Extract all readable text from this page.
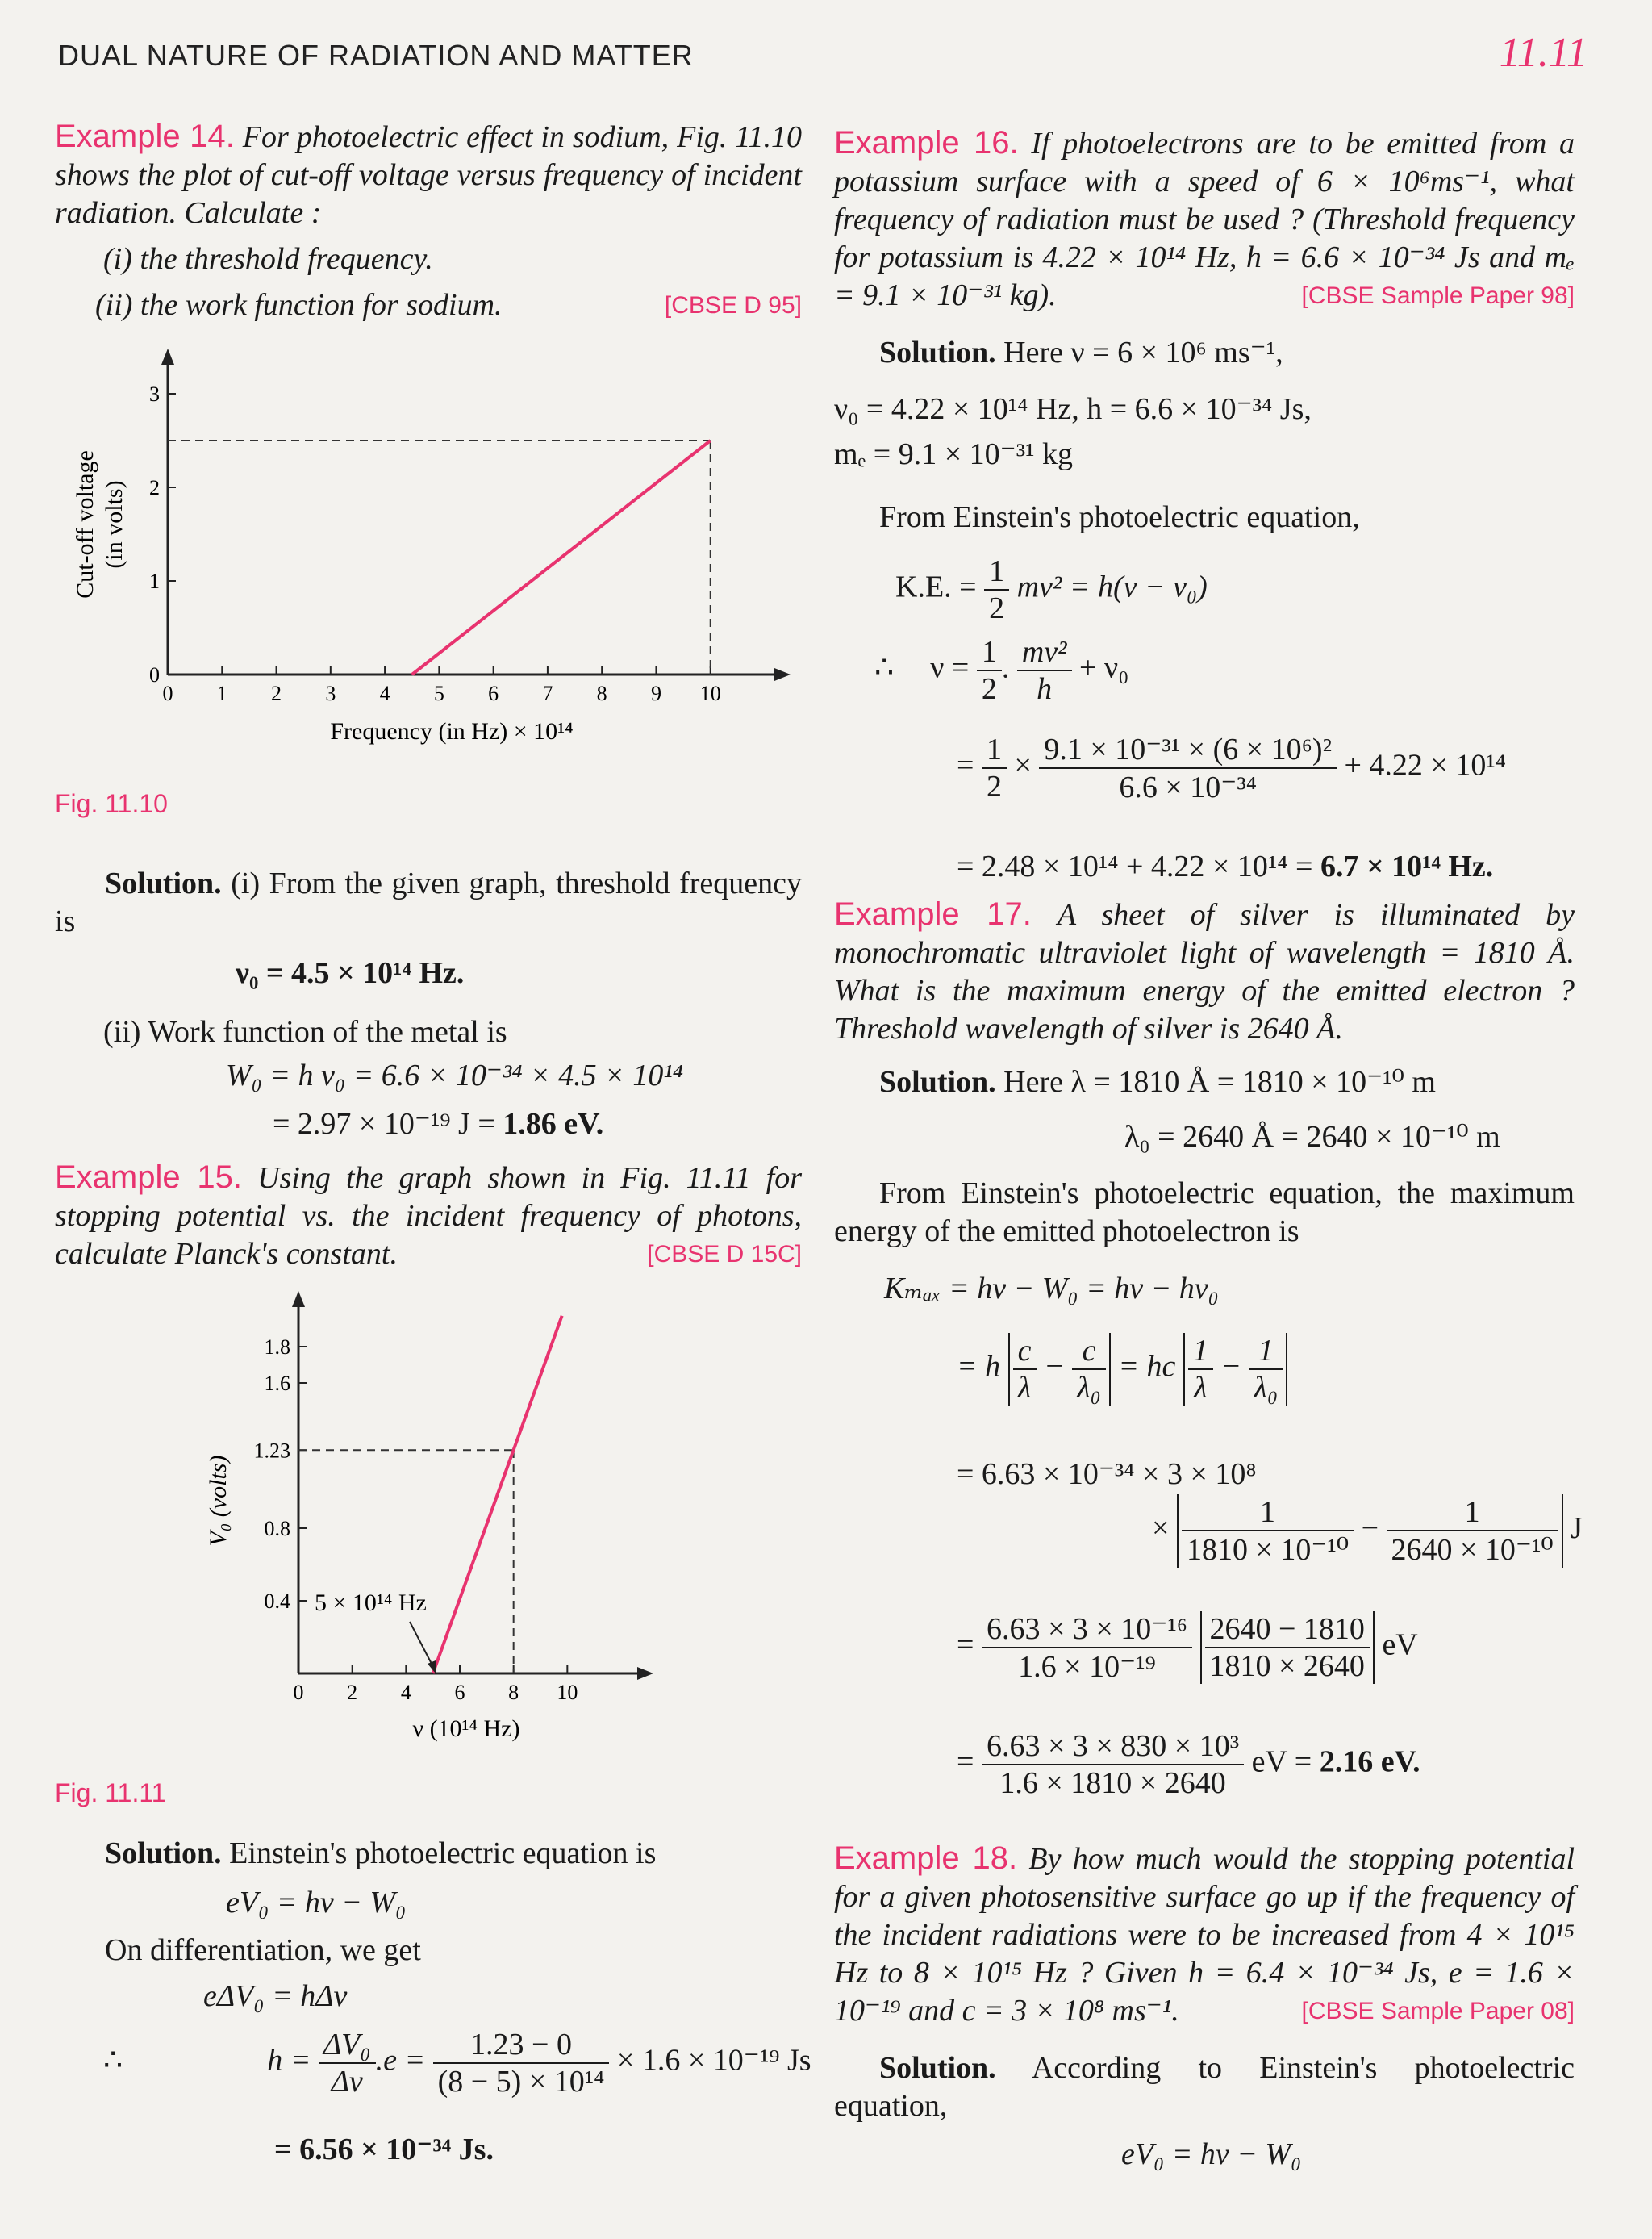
DUAL NATURE OF RADIATION AND MATTER	11.11
Example 14. For photoelectric effect in sodium, Fig. 11.10 shows the plot of cut-off voltage versus frequency of incident radiation. Calculate :
(i) the threshold frequency.
(ii) the work function for sodium.	[CBSE D 95]
0 1 2 3 4 5 6 7 8 9 10
0
1
2
3
Cut-off voltage (in volts)
Frequency (in Hz) × 10¹⁴
Fig. 11.10
Solution. (i) From the given graph, threshold frequency is
ν₀ = 4.5 × 10¹⁴ Hz.
(ii) Work function of the metal is
W₀ = h ν₀ = 6.6 × 10⁻³⁴ × 4.5 × 10¹⁴
= 2.97 × 10⁻¹⁹ J = 1.86 eV.
Example 15. Using the graph shown in Fig. 11.11 for stopping potential vs. the incident frequency of photons, calculate Planck's constant.	[CBSE D 15C]
0 2 4 6 8 10
0.4
0.8
1.23
1.6
1.8
V₀ (volts)
ν (10¹⁴ Hz)
5 × 10¹⁴ Hz
Fig. 11.11
Solution. Einstein's photoelectric equation is
eV₀ = hν − W₀
On differentiation, we get
eΔV₀ = hΔν
∴	$h = \frac{\text{ΔV₀}}{\Delta\nu} .e = \frac{1.23 - 0}{\text{(8 − 5) × 10¹⁴}} \times 1.6 \times 10^{-19}$ Js
= 6.56 × 10⁻³⁴ Js.
Example 16. If photoelectrons are to be emitted from a potassium surface with a speed of 6 × 10⁶ms⁻¹, what frequency of radiation must be used ? (Threshold frequency for potassium is 4.22 × 10¹⁴ Hz, h = 6.6 × 10⁻³⁴ Js and mₑ = 9.1 × 10⁻³¹ kg).	[CBSE Sample Paper 98]
Solution. Here ν = 6 × 10⁶ ms⁻¹,
ν₀ = 4.22 × 10¹⁴ Hz, h = 6.6 × 10⁻³⁴ Js,
mₑ = 9.1 × 10⁻³¹ kg
From Einstein's photoelectric equation,
K.E. = $\frac{1}{2} mv^2 = h(\nu - \nu_0)$
∴ $\nu = \frac{1}{2}$ . $\frac{\text{mv²}}{h} + \nu_0$
= $\frac{1}{2} \times \frac{\text{9.1 × 10⁻³¹ × (6 × 10⁶)²}}{\text{6.6 × 10⁻³⁴}} + 4.22 \times 10^{14}$
= 2.48 × 10¹⁴ + 4.22 × 10¹⁴ = 6.7 × 10¹⁴ Hz.
Example 17. A sheet of silver is illuminated by monochromatic ultraviolet light of wavelength = 1810 Å. What is the maximum energy of the emitted electron ? Threshold wavelength of silver is 2640 Å.
Solution. Here λ = 1810 Å = 1810 × 10⁻¹⁰ m
λ₀ = 2640 Å = 2640 × 10⁻¹⁰ m
From Einstein's photoelectric equation, the maximum energy of the emitted photoelectron is
Kₘₐₓ = hν − W₀ = hν − hν₀
= h $\frac{c}{\lambda} - \frac{c}{\text{λ₀}}$ = hc $\frac{1}{\lambda} - \frac{1}{\text{λ₀}}$
= 6.63 × 10⁻³⁴ × 3 × 10⁸
× $\frac{1}{\text{1810 × 10⁻¹⁰}} - \frac{1}{\text{2640 × 10⁻¹⁰}}$ J
= $\frac{\text{6.63 × 3 × 10⁻¹⁶}}{\text{1.6 × 10⁻¹⁹}}$
$\frac{2640 - 1810}{1810 \times 2640}$ eV
= $\frac{\text{6.63 × 3 × 830 × 10³}}{1.6 \times 1810 \times 2640}$ eV = 2.16 eV.
Example 18. By how much would the stopping potential for a given photosensitive surface go up if the frequency of the incident radiations were to be increased from 4 × 10¹⁵ Hz to 8 × 10¹⁵ Hz ? Given h = 6.4 × 10⁻³⁴ Js, e = 1.6 × 10⁻¹⁹ and c = 3 × 10⁸ ms⁻¹.	[CBSE Sample Paper 08]
Solution. According to Einstein's photoelectric equation,
eV₀ = hν − W₀
